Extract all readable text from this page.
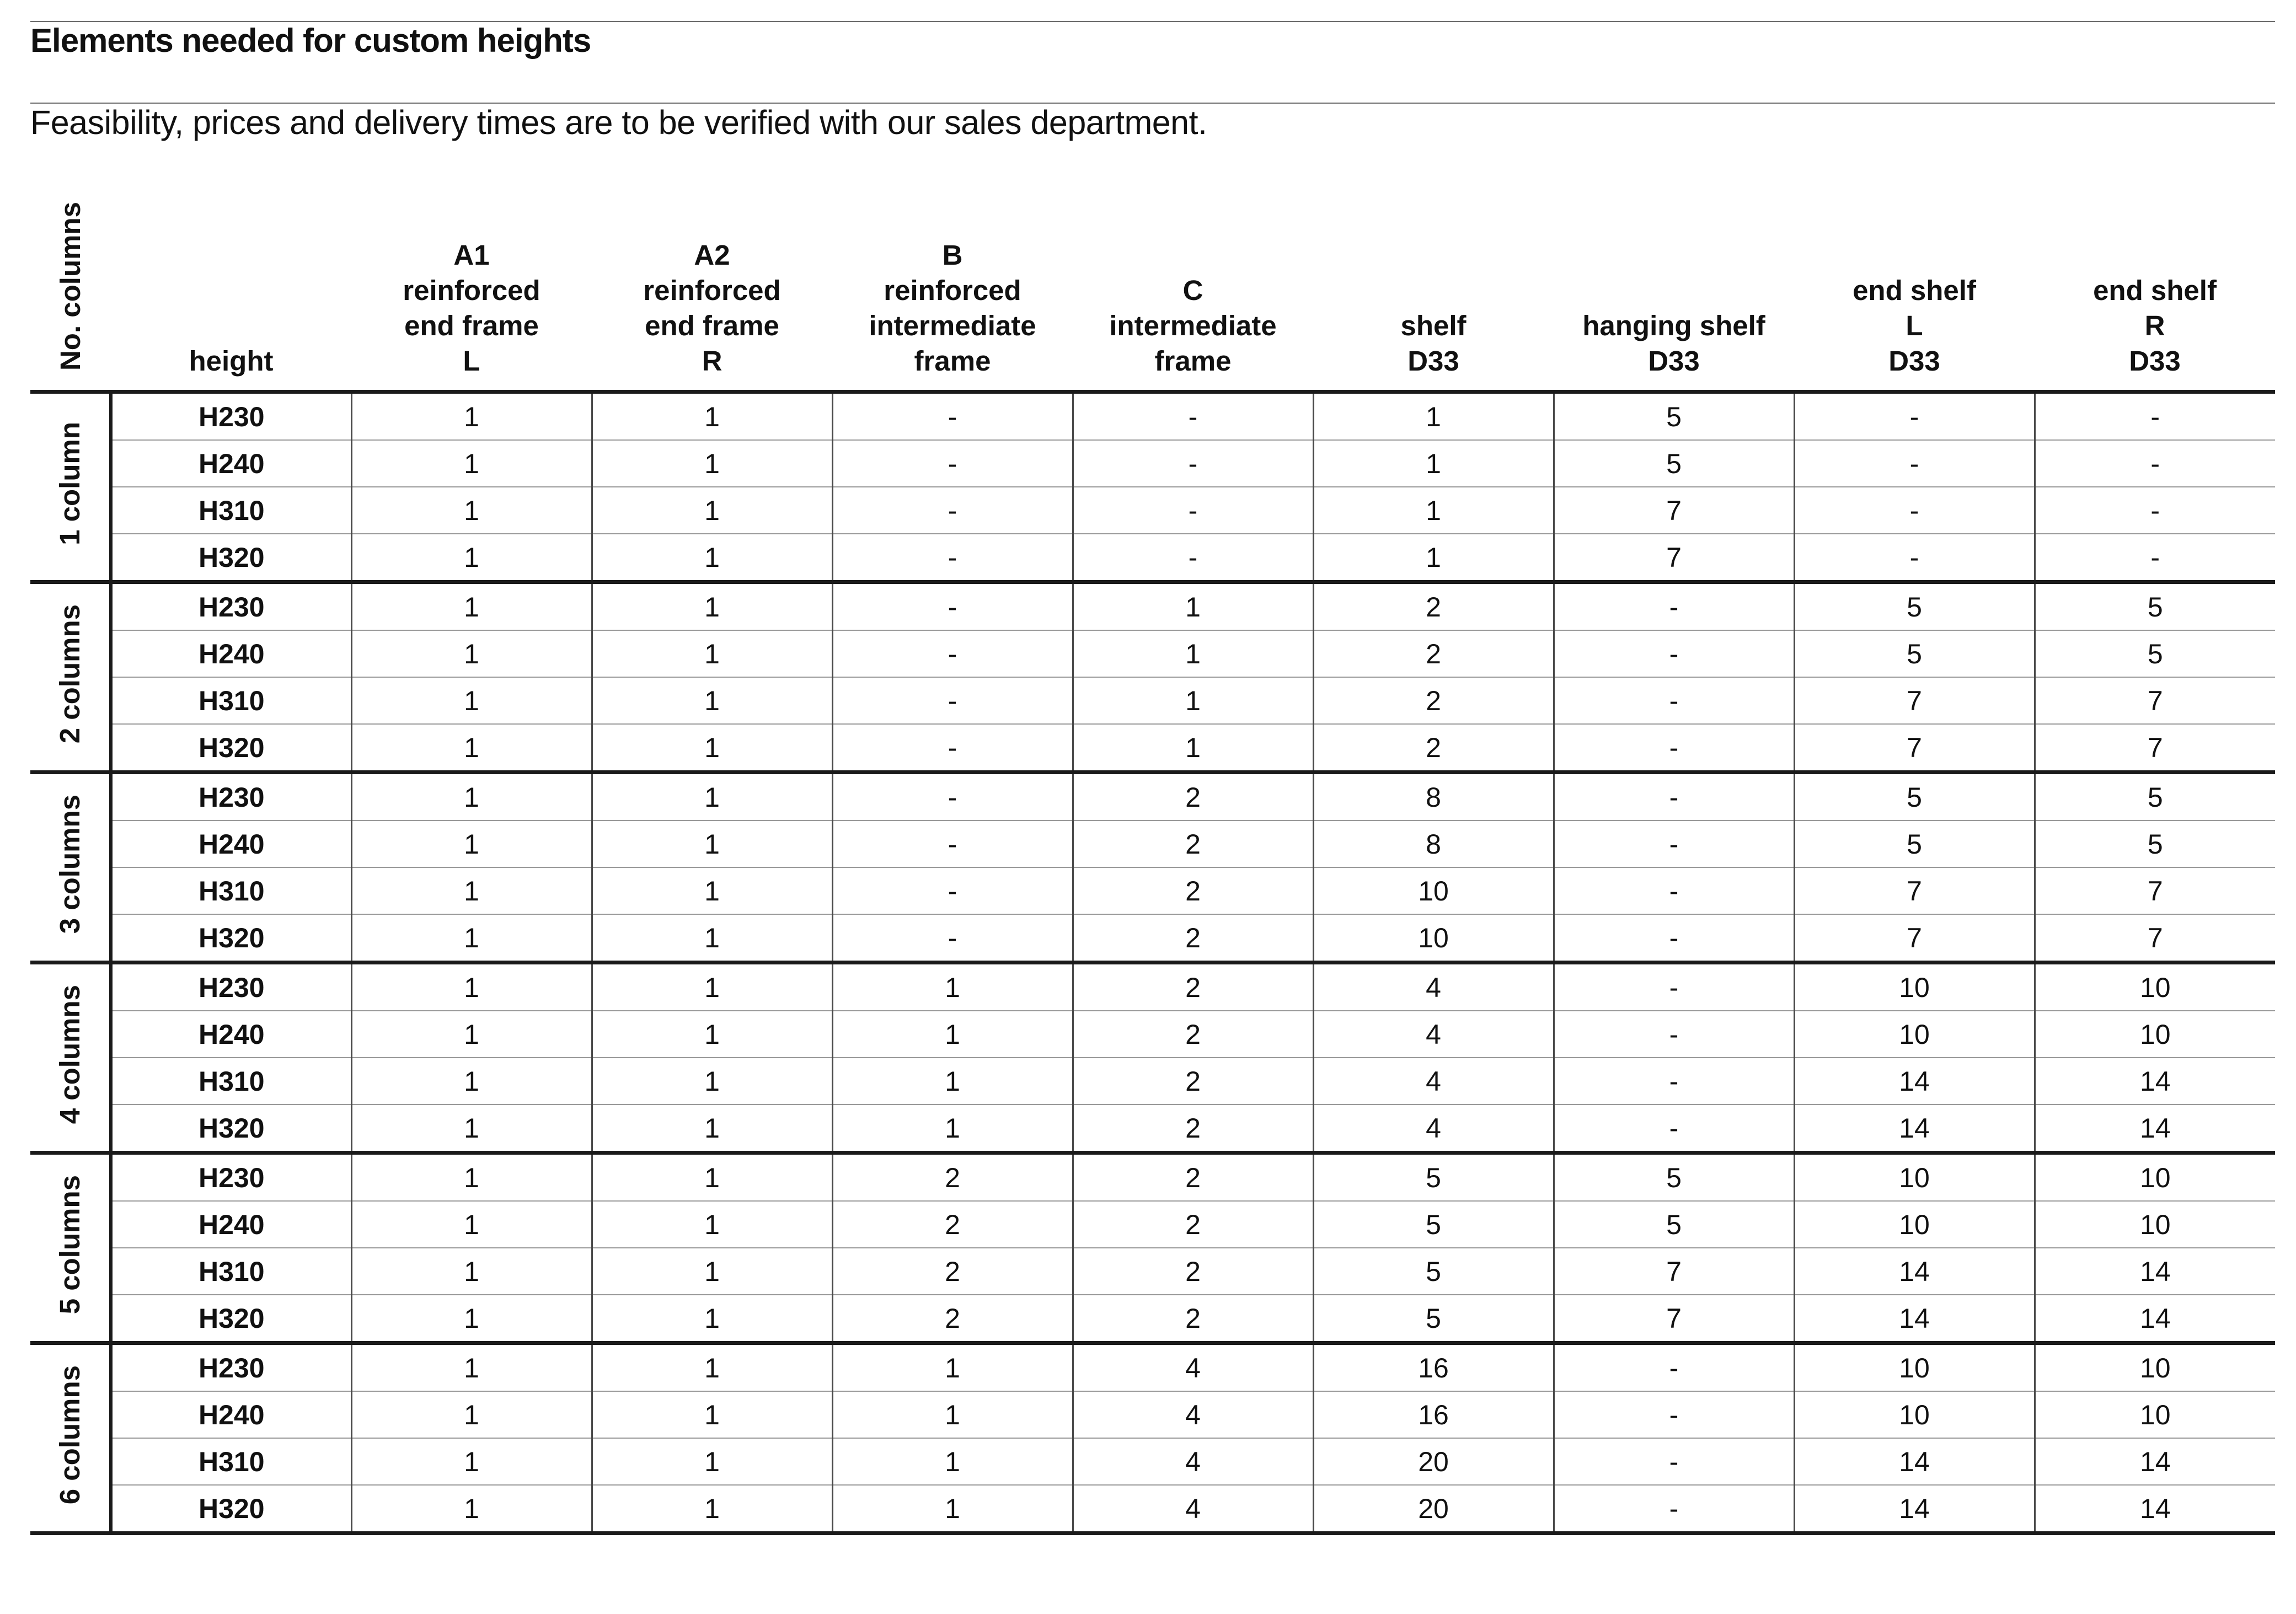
Elements needed for custom heights

Feasibility, prices and delivery times are to be verified with our sales department.

No. columns	height	A1
reinforced
end frame
L	A2
reinforced
end frame
R	B
reinforced
intermediate
frame	C
intermediate
frame	shelf
D33	hanging shelf
D33	end shelf
L
D33	end shelf
R
D33
1 column	H230	1	1	-	-	1	5	-	-
	H240	1	1	-	-	1	5	-	-
	H310	1	1	-	-	1	7	-	-
	H320	1	1	-	-	1	7	-	-
2 columns	H230	1	1	-	1	2	-	5	5
	H240	1	1	-	1	2	-	5	5
	H310	1	1	-	1	2	-	7	7
	H320	1	1	-	1	2	-	7	7
3 columns	H230	1	1	-	2	8	-	5	5
	H240	1	1	-	2	8	-	5	5
	H310	1	1	-	2	10	-	7	7
	H320	1	1	-	2	10	-	7	7
4 columns	H230	1	1	1	2	4	-	10	10
	H240	1	1	1	2	4	-	10	10
	H310	1	1	1	2	4	-	14	14
	H320	1	1	1	2	4	-	14	14
5 columns	H230	1	1	2	2	5	5	10	10
	H240	1	1	2	2	5	5	10	10
	H310	1	1	2	2	5	7	14	14
	H320	1	1	2	2	5	7	14	14
6 columns	H230	1	1	1	4	16	-	10	10
	H240	1	1	1	4	16	-	10	10
	H310	1	1	1	4	20	-	14	14
	H320	1	1	1	4	20	-	14	14
